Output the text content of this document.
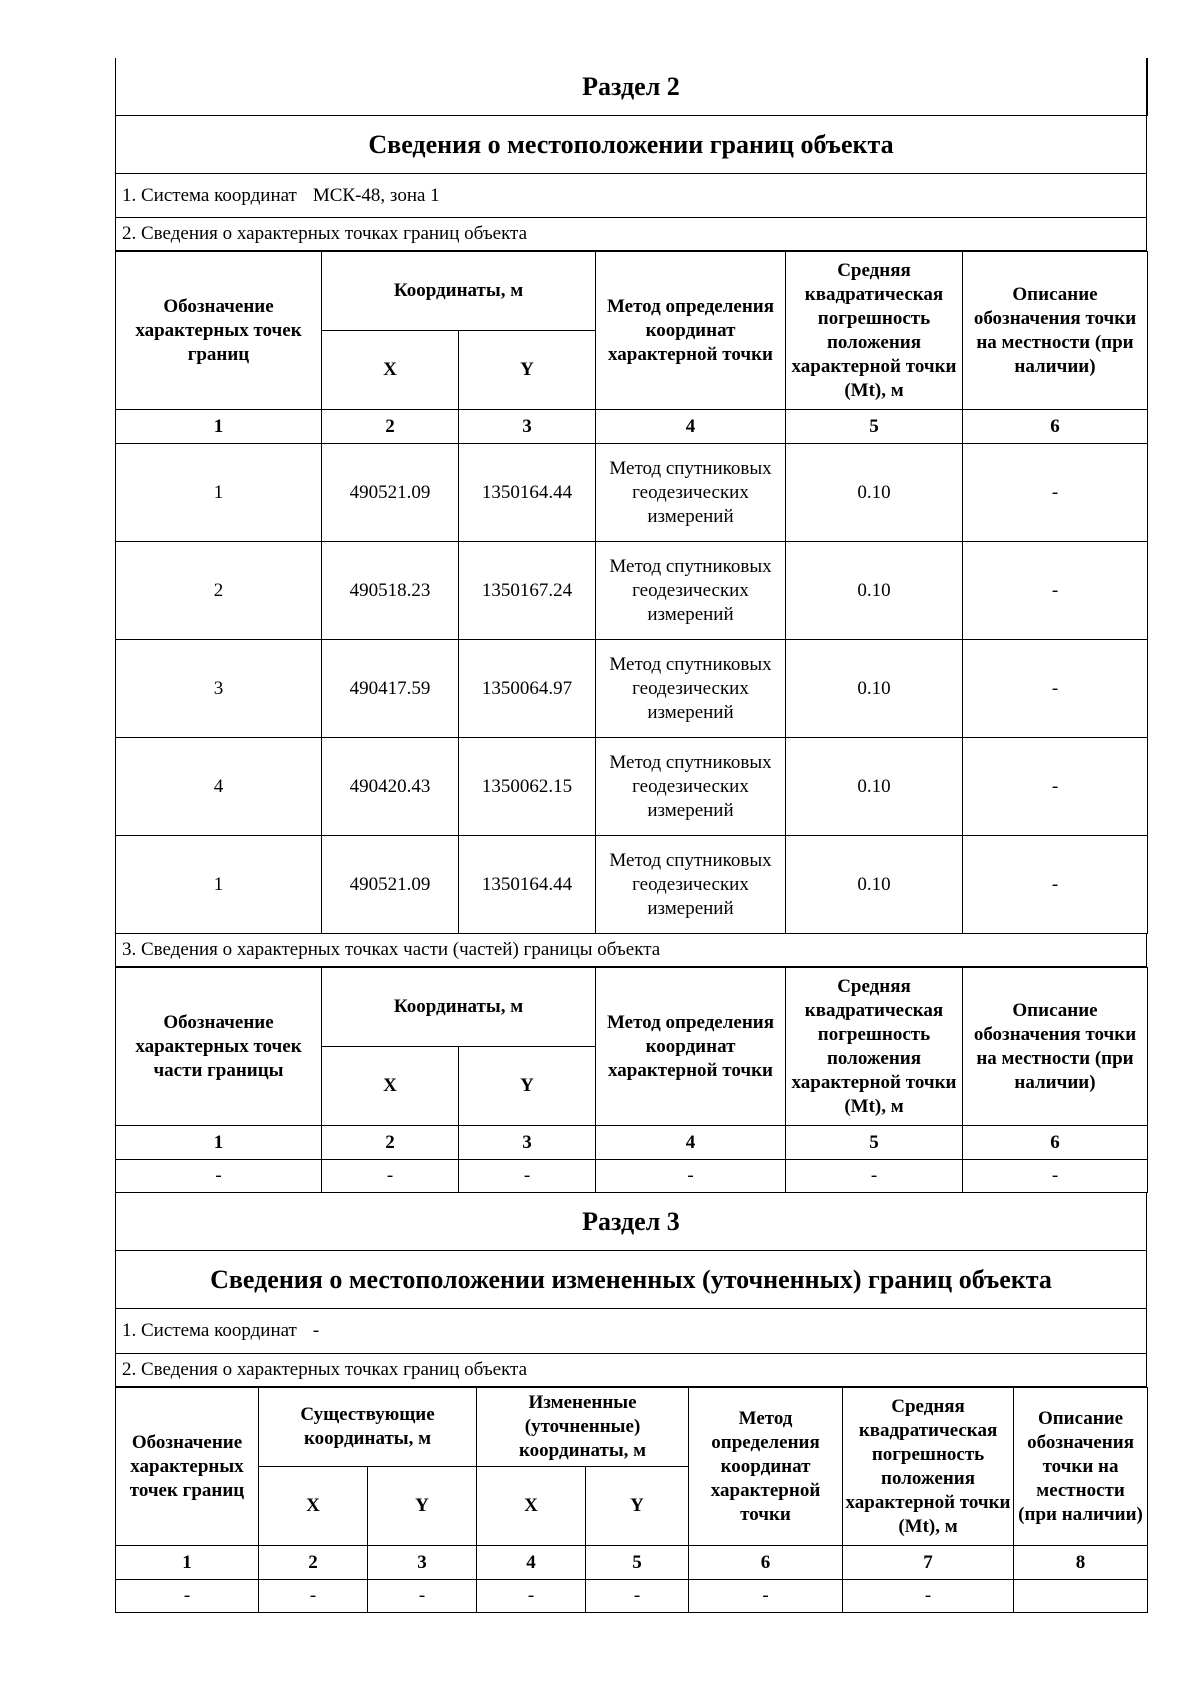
Раздел 2
Сведения о местоположении границ объекта
1. Система координат МСК-48, зона 1
2. Сведения о характерных точках границ объекта
Обозначение характерных точек границ	Координаты, м		Метод определения координат характерной точки	Средняя квадратическая погрешность положения характерной точки (Mt), м	Описание обозначения точки на местности (при наличии)
	X	Y			
1	2	3	4	5	6
1	490521.09	1350164.44	Метод спутниковых геодезических измерений	0.10	-
2	490518.23	1350167.24	Метод спутниковых геодезических измерений	0.10	-
3	490417.59	1350064.97	Метод спутниковых геодезических измерений	0.10	-
4	490420.43	1350062.15	Метод спутниковых геодезических измерений	0.10	-
1	490521.09	1350164.44	Метод спутниковых геодезических измерений	0.10	-
3. Сведения о характерных точках части (частей) границы объекта
Обозначение характерных точек части границы	Координаты, м		Метод определения координат характерной точки	Средняя квадратическая погрешность положения характерной точки (Mt), м	Описание обозначения точки на местности (при наличии)
	X	Y			
1	2	3	4	5	6
-	-	-	-	-	-
Раздел 3
Сведения о местоположении измененных (уточненных) границ объекта
1. Система координат -
2. Сведения о характерных точках границ объекта
Обозначение характерных точек границ	Существующие координаты, м		Измененные (уточненные) координаты, м		Метод определения координат характерной точки	Средняя квадратическая погрешность положения характерной точки (Mt), м	Описание обозначения точки на местности (при наличии)
	X	Y	X	Y			
1	2	3	4	5	6	7	8
-	-	-	-	-	-	-	
